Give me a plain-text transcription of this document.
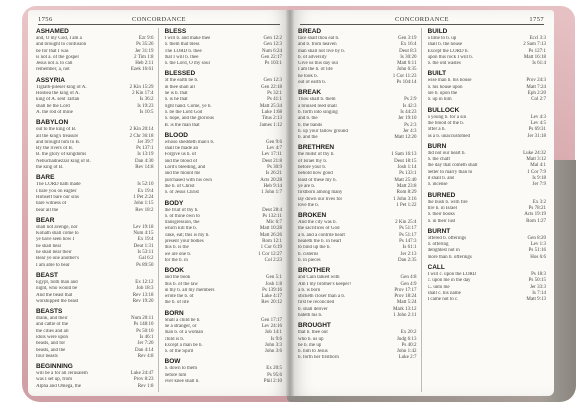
1756	CONCORDANCE
ASHAMED
and, O my God, I am a	Ezr 9:6
and brought to confusion	Ps 35:26
be for that I was	Jer 31:19
is not a. of the gospel	2 Tim 1:8
Jesus not a. to call	Heb 2:11
remember, a, not	Ezek 16:61
ASSYRIA
Tiglath-pileser king of A.	2 Kin 15:29
Hoshea the king of A.	2 Kin 17:4
king of A. sent Tartan	Is 36:2
shall be the Lord	Is 19:23
A. the rod of mine	Is 10:5
BABYLON
out to the king of B.	2 Kin 20:14
all the king's treasure	2 Chr 36:18
and brought him to B.	Jer 39:7
By the rivers of B.	Ps 137:1
B. the glory of kingdoms	Is 13:19
Nebuchadnezzar king of B.	Dan 4:30
the king of B.	Rev 14:8
BARE
The LORD hath made	Is 52:10
I bare you on eagles'	Ex 19:4
Himself bare our sins	1 Pet 2:24
bare witness of	John 1:15
bear all the	Rev 18:2
BEAR
shall not avenge, nor	Lev 19:18
Kohath shall come to	Num 4:15
ye have seen how I	Ex 19:4
he shall bear	Deut 1:31
he shall bear their	Is 53:11
Bear ye one another's	Gal 6:2
I am able to bear	Ps 89:50
BEAST
Egypt, both man and	Ex 12:12
night, who would be	Job 18:3
And the beast that	Rev 13:18
worshipped the beast	Rev 19:20
BEASTS
drank, and their	Num 20:11
and cattle of the	Ps 148:10
the cities and all	Ps 50:10
idols were upon	Is 46:1
beasts, and for	Jer 7:20
beasts, and the	Dan 4:14
four beasts	Rev 4:8
BEGINNING
will be a for all Jerusalem	Luke 24:47
was I set up, from	Prov 8:23
Alpha and Omega, the	Rev 1:8
BLESS
I will b. and make thee	Gen 12:2
b. them that bless	Gen 12:3
The LORD b. thee	Num 6:24
that I will b. thee	Gen 22:17
b. the Lord, O my soul	Ps 103:1
BLESSED
of the earth be b.	Gen 12:3
in thee shall all	Gen 22:18
he is b. that	Ps 32:1
b. is he that	Ps 41:1
right hand. Come, ye b.	Matt 25:34
b. be the Lord God	Luke 1:68
b. hope, and the glorious	Titus 2:13
B. is the man that	James 1:12
BLOOD
whoso sheddeth man's b.	Gen 9:6
shall be made an	Lev 4:7
Forgive us b. of	Lev 17:11
and the blood of	Deut 21:8
Lord's bleeding, and	Ps 30:9
and the mount me	Is 26:21
purchased with his own	Acts 20:28
the b. of Christ	Heb 9:14
b. of Jesus Christ	1 John 1:7
BODY
the fruit of thy b.	Deut 28:4
b. of thine own to	Ps 132:11
transgression, the	Mic 6:7
which kill the b.	Matt 10:28
Take, eat; this is my b.	Matt 26:26
present your bodies	Rom 12:1
this b. is the	1 Cor 6:19
we are one b.	1 Cor 12:27
for the b. in	Col 2:23
BOOK
and the book	Gen 5:1
this b. of the law	Josh 1:8
in thy b. all my members	Ps 139:16
wrote the b. of	Luke 4:17
the b. of life	Rev 20:12
BORN
Shall a child be b.	Gen 17:17
be a stranger, or	Lev 24:16
man b. of a woman	Job 14:1
child is b.	Is 9:6
Except a man be b.	John 3:3
b. of the Spirit	John 3:6
BOW
b. down to them	Ex 20:5
before him	Ps 95:6
ever knee shall b.	Phil 2:10
CONCORDANCE	1757
BREAD
face shalt thou eat b.	Gen 3:19
and b. from heaven	Ex 16:4
man shall not live by b.	Deut 8:3
b. of adversity	Is 30:20
Give us this day our	Matt 6:11
I am the b. of life	John 6:35
he took b.	1 Cor 11:23
out of earth b.	Ps 104:14
BREAK
Thou shalt b. them	Ps 2:9
a bruised reed shall	Is 42:3
b. forth into singing	Is 44:23
and b. the	Jer 19:10
b. the bands	Ps 2:3
b. up your fallow ground	Jer 4:3
b. and the	Matt 12:20
BRETHREN
the midst of thy b.	1 Sam 16:13
of Israel thy b.	Deut 18:15
before your b.	Josh 1:14
behold how good	Ps 133:1
least of these my b.	Matt 25:40
ye are b.	Matt 23:8
firstborn among many	Rom 8:29
lay down our lives for	1 John 3:16
love the b.	1 Pet 1:22
BROKEN
And the city was b.	2 Kin 25:4
the sacrifices of God	Ps 51:17
a b. and a contrite heart	Ps 51:17
healeth the b. in heart	Ps 147:3
to bind up the b.	Is 61:1
b. cisterns	Jer 2:13
b. in pieces	Dan 2:35
BROTHER
and Cain talked with	Gen 4:8
Am I my brother's keeper?	Gen 4:9
a b. is born	Prov 17:17
sticketh closer than a b.	Prov 18:24
first be reconciled	Matt 5:24
b. shall deliver	Mark 13:12
hateth his b.	1 John 2:11
BROUGHT
that b. thee out	Ex 20:2
who b. us up	Judg 6:13
he b. me up	Ps 40:2
b. him to Jesus	John 1:42
b. forth her firstborn	Luke 2:7
BUILD
a time to b. up	Eccl 3:3
shall b. the house	2 Sam 7:13
Except the LORD b.	Ps 127:1
upon this rock I will b.	Matt 16:18
b. the old wastes	Is 61:4
BUILT
wise man b. his house	Prov 24:3
b. his house upon	Matt 7:24
are b. upon the	Eph 2:20
b. up in him	Col 2:7
BULLOCK
a young b. for a sin	Lev 4:3
the blood of the b.	Lev 4:5
offer a b.	Ps 69:31
as a b. unaccustomed	Jer 31:18
BURN
did not our heart b.	Luke 24:32
b. the chaff	Matt 3:12
the day that cometh shall	Mal 4:1
better to marry than to	1 Cor 7:9
it shall b. and	Is 9:18
b. incense	Jer 7:9
BURNED
the bush b. with fire	Ex 3:2
fire b. in Israel	Ps 78:21
b. their books	Acts 19:19
b. in their lust	Rom 1:27
BURNT
offered b. offerings	Gen 8:20
b. offering	Lev 1:3
delightest not in	Ps 51:16
more than b. offerings	Hos 6:6
CALL
I will c. upon the LORD	Ps 18:3
c. upon me in the day	Ps 50:15
C. unto me	Jer 33:3
shall c. his name	Is 7:14
I came not to c.	Matt 9:13
